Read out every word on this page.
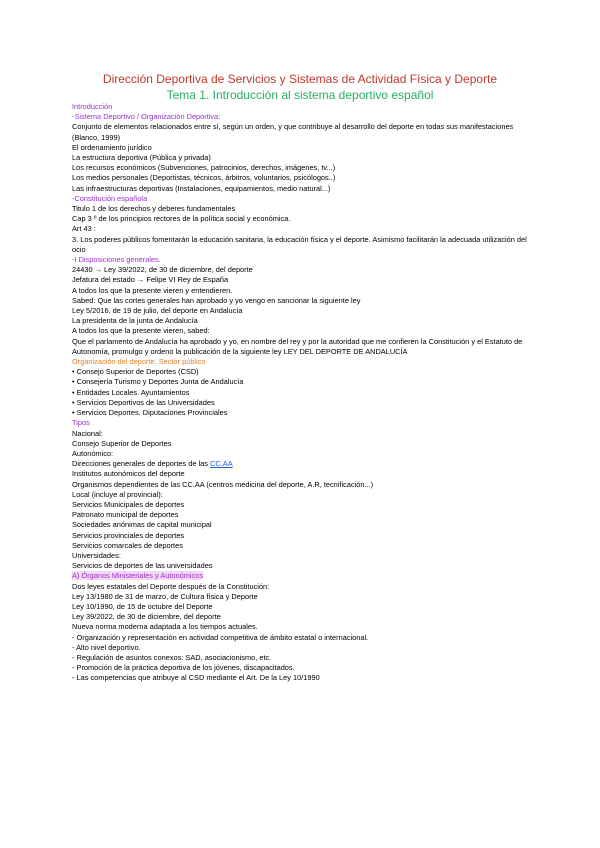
Dirección Deportiva de Servicios y Sistemas de Actividad Física y Deporte
Tema 1. Introducción al sistema deportivo español
Introducción
-Sistema Deportivo / Organización Deportiva:
Conjunto de elementos relacionados entre sí, según un orden, y que contribuye al desarrollo del deporte en todas sus manifestaciones (Blanco, 1999)
El ordenamiento jurídico
La estructura deportiva (Pública y privada)
Los recursos económicos (Subvenciones, patrocinios, derechos, imágenes, tv...)
Los medios personales (Deportistas, técnicos, árbitros, voluntarios, psicólogos..)
Las infraestructuras deportivas (Instalaciones, equipamientos, medio natural...)
-Constitución española
Titulo 1 de los derechos y deberes fundamentales
Cap 3 º de los principios rectores de la política social y económica.
Art 43 :
3. Los poderes públicos fomentarán la educación sanitaria, la educación física y el deporte. Asimismo facilitarán la adecuada utilización del ocio
-I Disposiciones generales.
24430 → Ley 39/2022, de 30 de diciembre, del deporte
Jefatura del estado → Felipe VI Rey de España
A todos los que la presente vieren y entendieren.
Sabed: Que las cortes generales han aprobado y yo vengo en sancionar la siguiente ley
Ley 5/2016, de 19 de julio, del deporte en Andalucía
La presidenta de la junta de Andalucía
A todos los que la presente vieren, sabed:
Que el parlamento de Andalucía ha aprobado y yo, en nombre del rey y por la autoridad que me confieren la Constitución y el Estatuto de Autonomía, promulgo y ordeno la publicación de la siguiente ley LEY DEL DEPORTE DE ANDALUCÍA
Organización del deporte. Sector público
• Consejo Superior de Deportes (CSD)
• Consejería Turismo y Deportes Junta de Andalucía
• Entidades Locales. Ayuntamientos
• Servicios Deportivos de las Universidades
• Servicios Deportes. Diputaciones Provinciales
Tipos
Nacional:
Consejo Superior de Deportes
Autonómico:
Direcciones generales de deportes de las CC.AA
Institutos autonómicos del deporte
Organismos dependientes de las CC.AA (centros medicina del deporte, A.R, tecnificación...)
Local (incluye al provincial):
Servicios Municipales de deportes
Patronato municipal de deportes
Sociedades anónimas de capital municipal
Servicios provinciales de deportes
Servicios comarcales de deportes
Universidades:
Servicios de deportes de las universidades
A) Órganos Ministeriales y Autonómicos
Dos leyes estatales del Deporte después de la Constitución:
Ley 13/1980 de 31 de marzo, de Cultura física y Deporte
Ley 10/1990, de 15 de octubre del Deporte
Ley 39/2022, de 30 de diciembre, del deporte
Nueva norma moderna adaptada a los tiempos actuales.
- Organización y representación en actividad competitiva de ámbito estatal o internacional.
- Alto nivel deportivo.
- Regulación de asuntos conexos: SAD, asociacionismo, etc.
- Promoción de la práctica deportiva de los jóvenes, discapacitados.
- Las competencias que atribuye al CSD mediante el Art. De la Ley 10/1990
